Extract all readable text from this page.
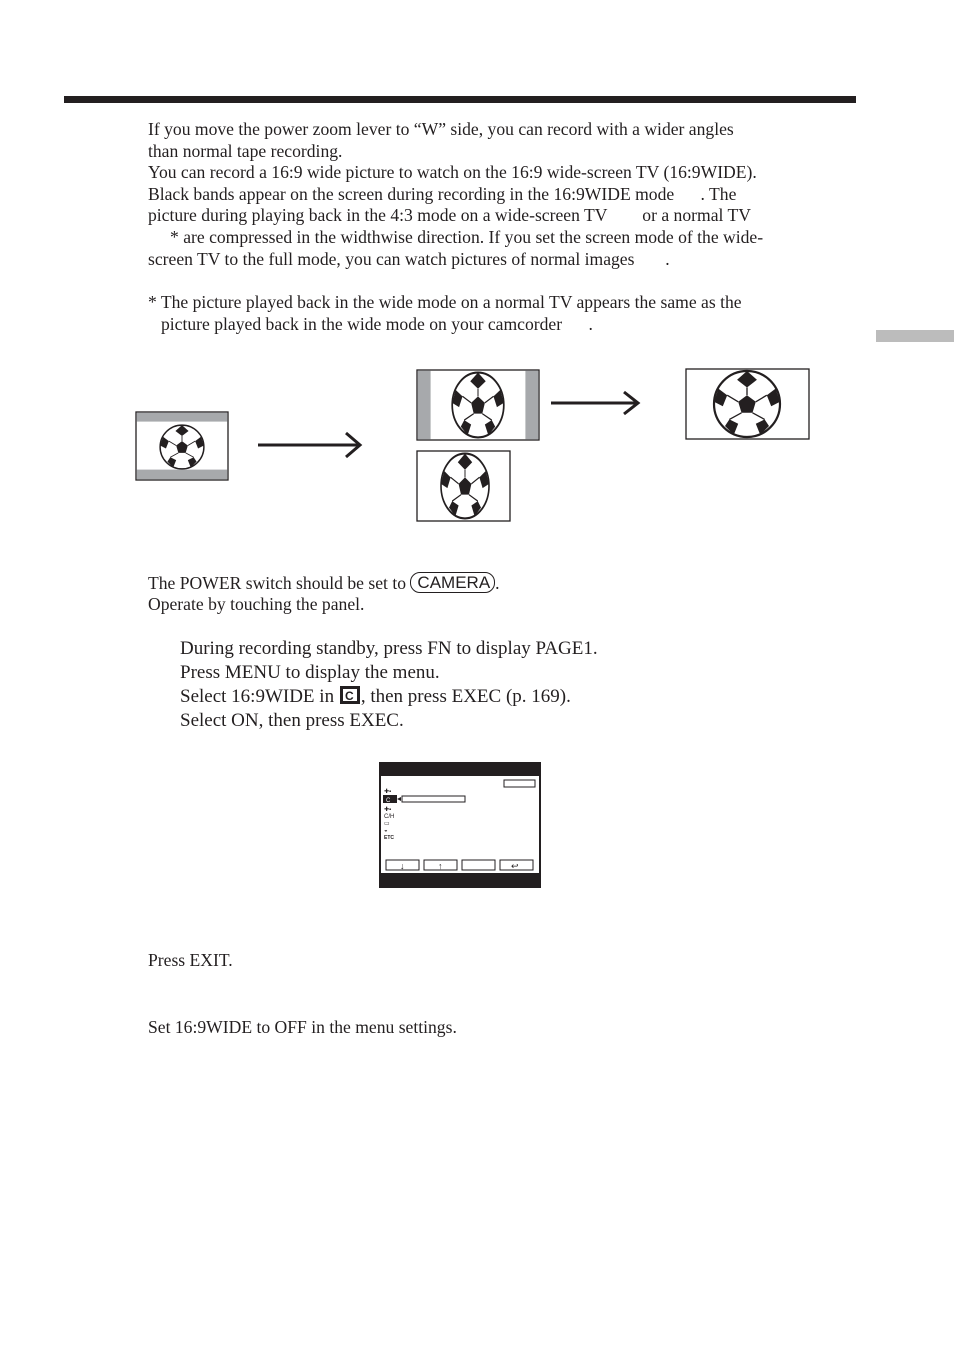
If you move the power zoom lever to “W” side, you can record with a wider angles
than normal tape recording.
You can record a 16:9 wide picture to watch on the 16:9 wide-screen TV (16:9WIDE).
Black bands appear on the screen during recording in the 16:9WIDE mode      . The
picture during playing back in the 4:3 mode on a wide-screen TV        or a normal TV
* are compressed in the widthwise direction. If you set the screen mode of the wide-
screen TV to the full mode, you can watch pictures of normal images       .
* The picture played back in the wide mode on a normal TV appears the same as the
picture played back in the wide mode on your camcorder      .
The POWER switch should be set to CAMERA .
Operate by touching the panel.
During recording standby, press FN to display PAGE1.
Press MENU to display the menu.
Select 16:9WIDE in C , then press EXEC (p. 169).
Select ON, then press EXEC.
✚▪
C
✚▪
C/H
▭
◒
ETC
↓	↑	↩
Press EXIT.
Set 16:9WIDE to OFF in the menu settings.
